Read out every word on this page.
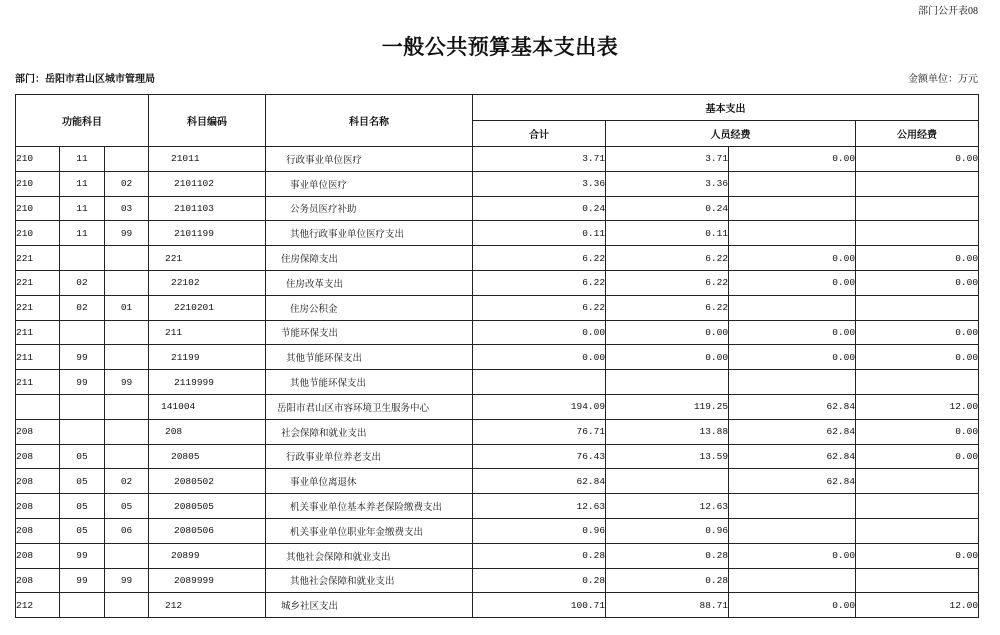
部门公开表08
一般公共预算基本支出表
部门：岳阳市君山区城市管理局	金额单位：万元
功能科目			科目编码	科目名称	基本支出			
					合计	人员经费		公用经费
210	11		21011	行政事业单位医疗	3.71	3.71	0.00	0.00
210	11	02	2101102	事业单位医疗	3.36	3.36		
210	11	03	2101103	公务员医疗补助	0.24	0.24		
210	11	99	2101199	其他行政事业单位医疗支出	0.11	0.11		
221			221	住房保障支出	6.22	6.22	0.00	0.00
221	02		22102	住房改革支出	6.22	6.22	0.00	0.00
221	02	01	2210201	住房公积金	6.22	6.22		
211			211	节能环保支出	0.00	0.00	0.00	0.00
211	99		21199	其他节能环保支出	0.00	0.00	0.00	0.00
211	99	99	2119999	其他节能环保支出				
			141004	岳阳市君山区市容环境卫生服务中心	194.09	119.25	62.84	12.00
208			208	社会保障和就业支出	76.71	13.88	62.84	0.00
208	05		20805	行政事业单位养老支出	76.43	13.59	62.84	0.00
208	05	02	2080502	事业单位离退休	62.84		62.84	
208	05	05	2080505	机关事业单位基本养老保险缴费支出	12.63	12.63		
208	05	06	2080506	机关事业单位职业年金缴费支出	0.96	0.96		
208	99		20899	其他社会保障和就业支出	0.28	0.28	0.00	0.00
208	99	99	2089999	其他社会保障和就业支出	0.28	0.28		
212			212	城乡社区支出	100.71	88.71	0.00	12.00
